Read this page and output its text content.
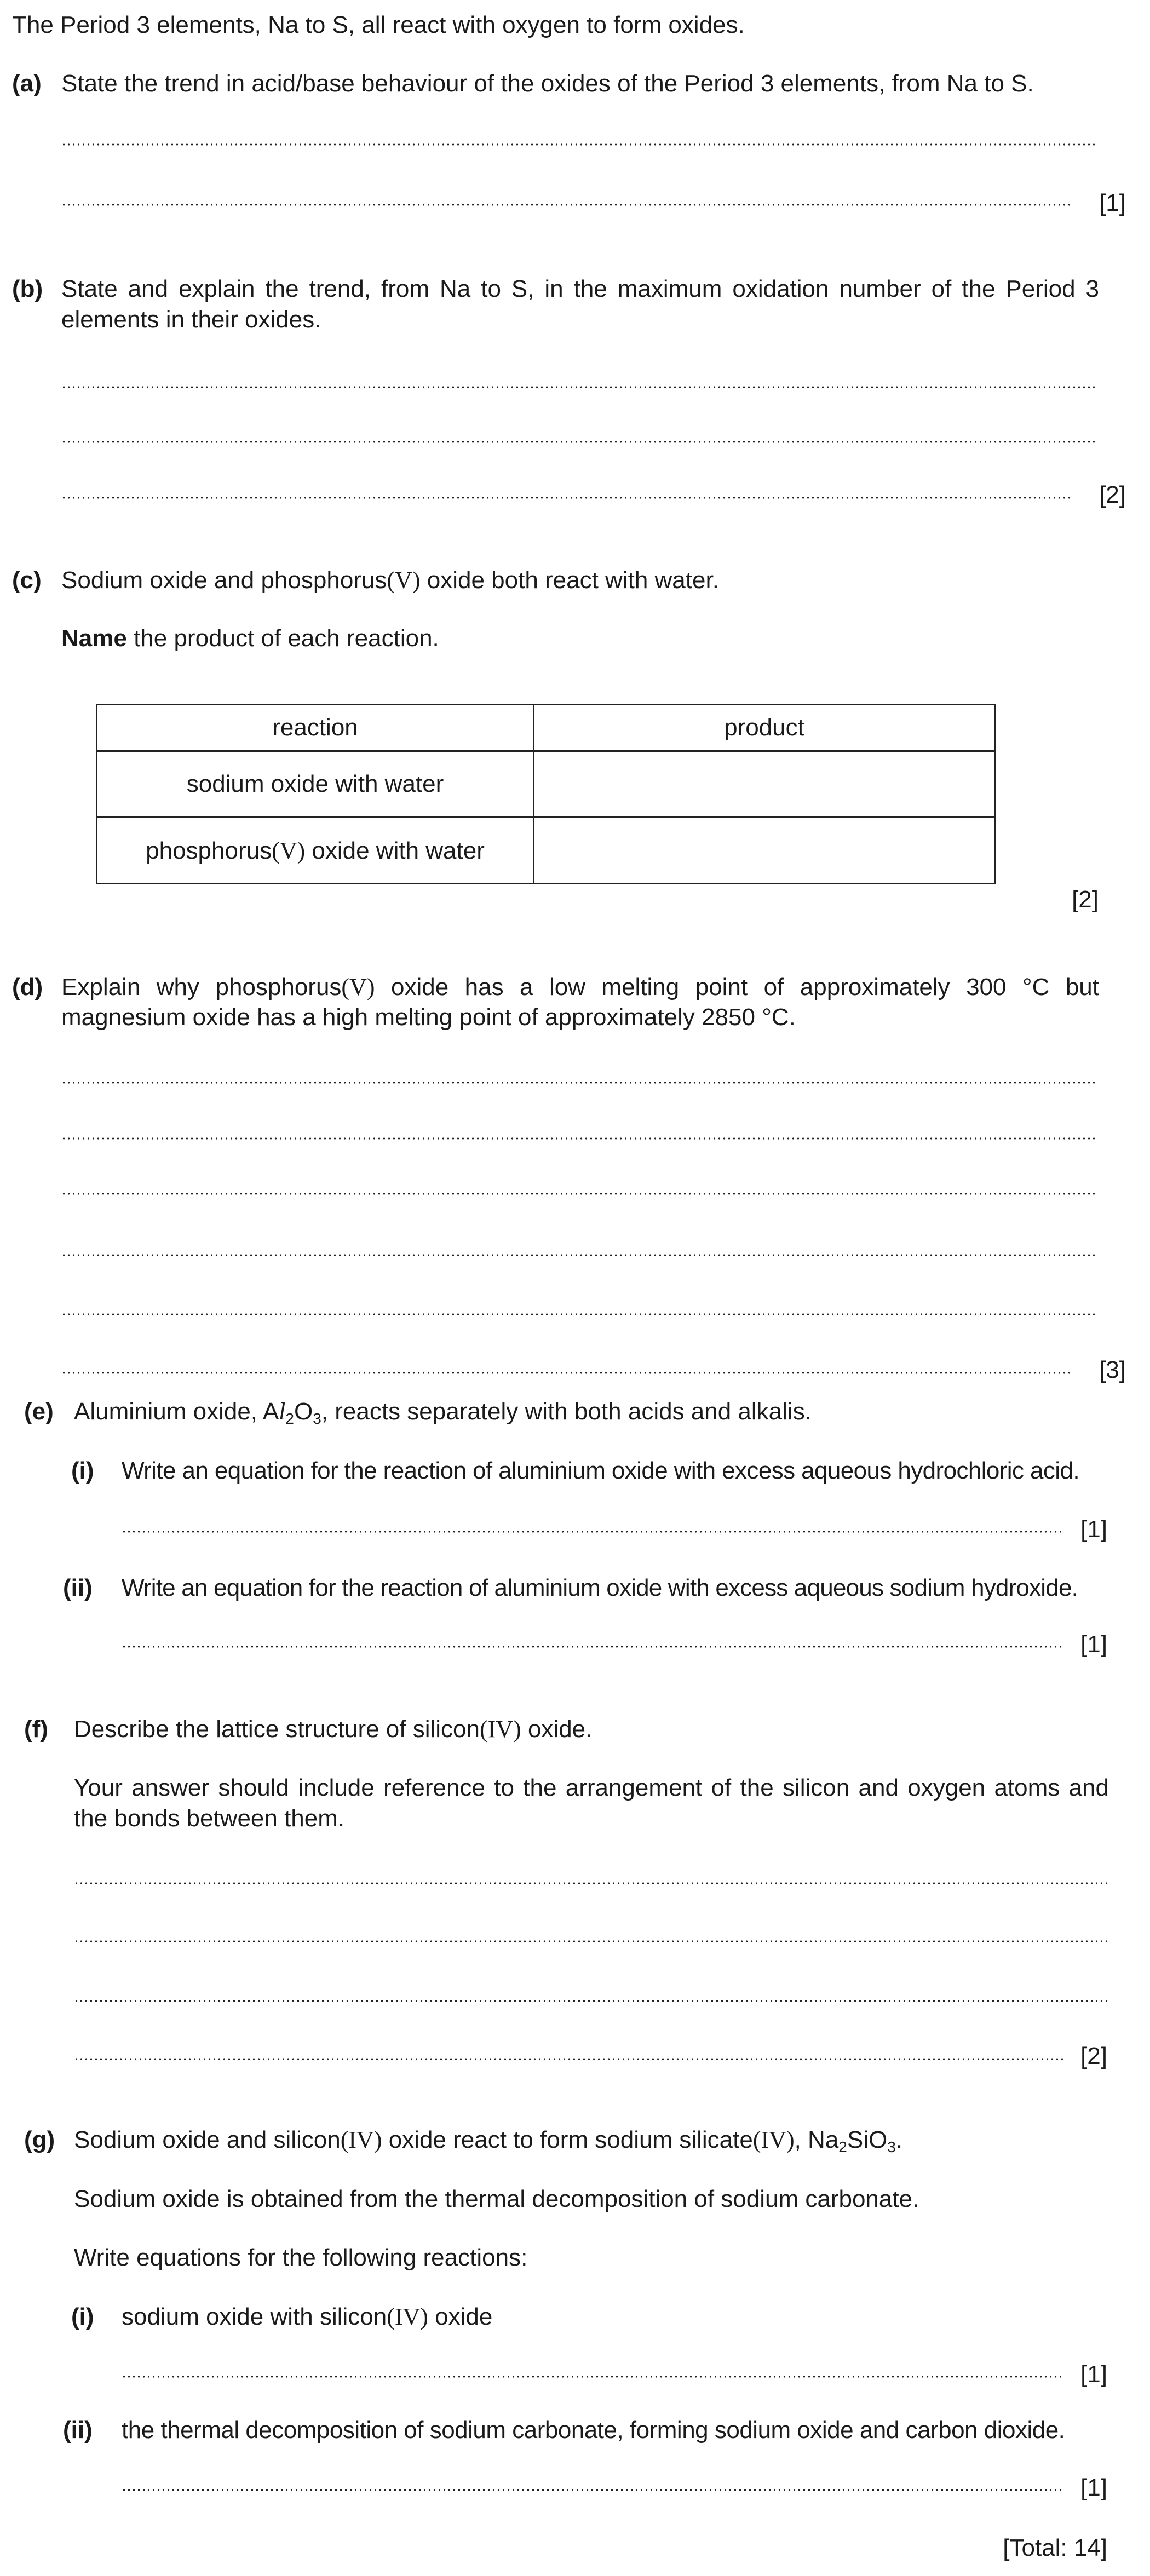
The Period 3 elements, Na to S, all react with oxygen to form oxides.
(a) State the trend in acid/base behaviour of the oxides of the Period 3 elements, from Na to S.
[1]
(b) State and explain the trend, from Na to S, in the maximum oxidation number of the Period 3 elements in their oxides.
[2]
(c) Sodium oxide and phosphorus(V) oxide both react with water.
Name the product of each reaction.
reaction	product
sodium oxide with water	
phosphorus(V) oxide with water	
[2]
(d) Explain why phosphorus(V) oxide has a low melting point of approximately 300 °C but
magnesium oxide has a high melting point of approximately 2850 °C.
[3]
(e) Aluminium oxide, $Al_2O_3$, reacts separately with both acids and alkalis.
(i) Write an equation for the reaction of aluminium oxide with excess aqueous hydrochloric acid.
[1]
(ii) Write an equation for the reaction of aluminium oxide with excess aqueous sodium hydroxide.
[1]
(f) Describe the lattice structure of silicon(IV) oxide.
Your answer should include reference to the arrangement of the silicon and oxygen atoms and the bonds between them.
[2]
(g) Sodium oxide and silicon(IV) oxide react to form sodium silicate(IV), $Na_2SiO_3$.
Sodium oxide is obtained from the thermal decomposition of sodium carbonate.
Write equations for the following reactions:
(i) sodium oxide with silicon(IV) oxide
[1]
(ii) the thermal decomposition of sodium carbonate, forming sodium oxide and carbon dioxide.
[1]
[Total: 14]
